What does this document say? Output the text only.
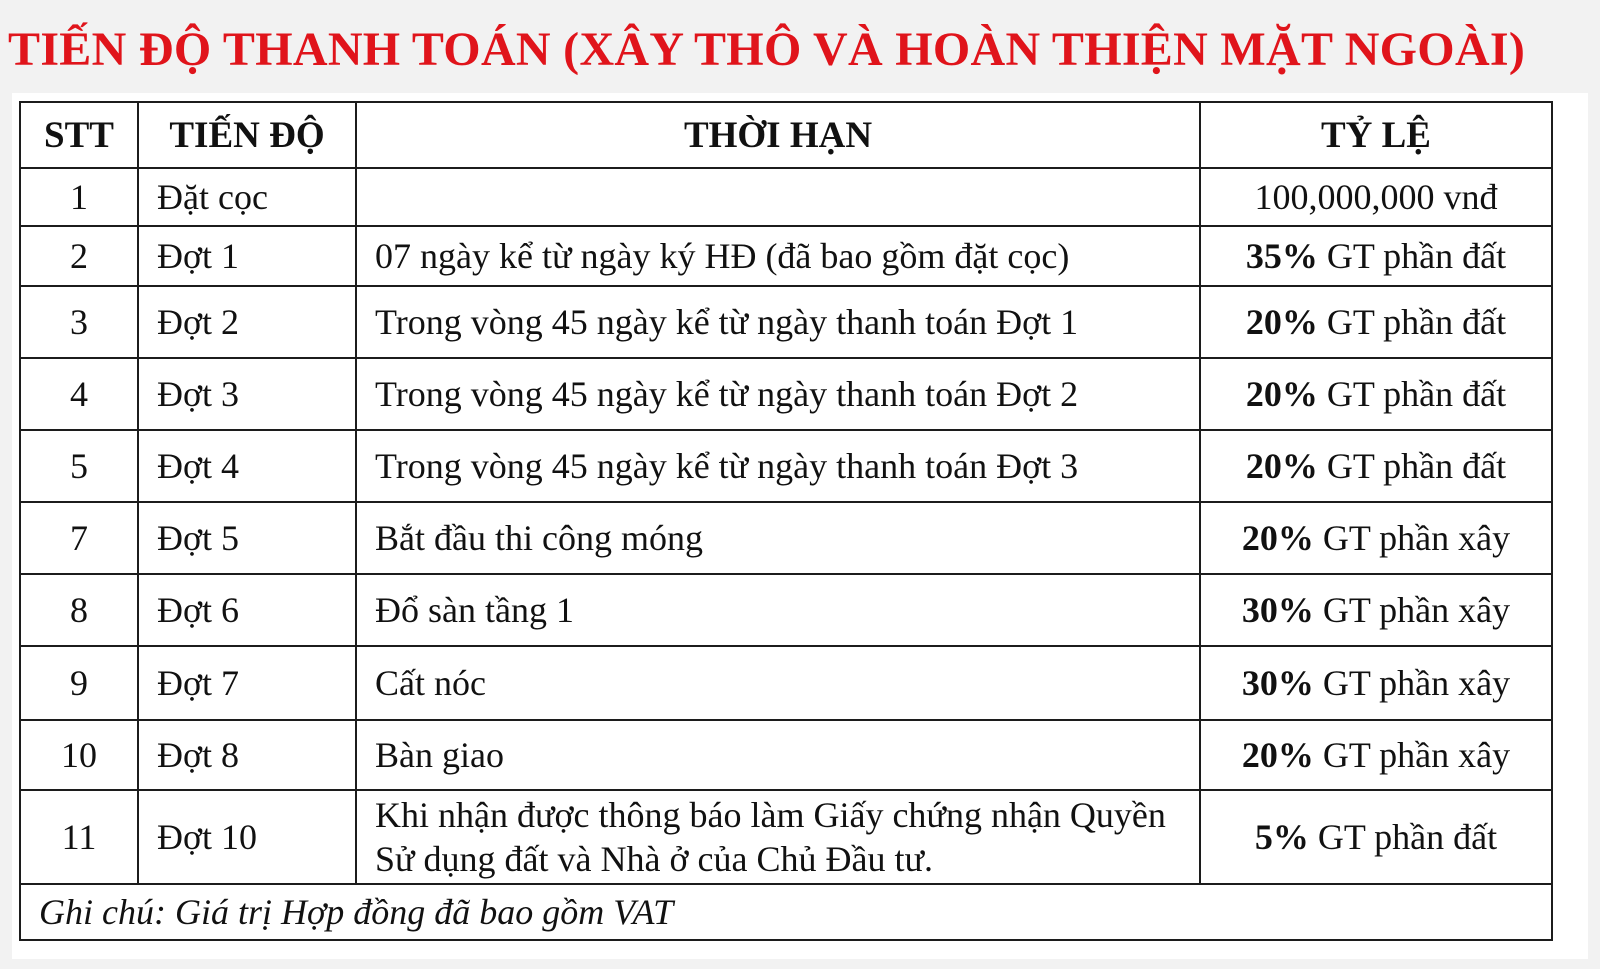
TIẾN ĐỘ THANH TOÁN (XÂY THÔ VÀ HOÀN THIỆN MẶT NGOÀI)
STT	TIẾN ĐỘ	THỜI HẠN	TỶ LỆ
1	Đặt cọc		100,000,000 vnđ
2	Đợt 1	07 ngày kể từ ngày ký HĐ (đã bao gồm đặt cọc)	35% GT phần đất
3	Đợt 2	Trong vòng 45 ngày kể từ ngày thanh toán Đợt 1	20% GT phần đất
4	Đợt 3	Trong vòng 45 ngày kể từ ngày thanh toán Đợt 2	20% GT phần đất
5	Đợt 4	Trong vòng 45 ngày kể từ ngày thanh toán Đợt 3	20% GT phần đất
7	Đợt 5	Bắt đầu thi công móng	20% GT phần xây
8	Đợt 6	Đổ sàn tầng 1	30% GT phần xây
9	Đợt 7	Cất nóc	30% GT phần xây
10	Đợt 8	Bàn giao	20% GT phần xây
11	Đợt 10	Khi nhận được thông báo làm Giấy chứng nhận Quyền Sử dụng đất và Nhà ở của Chủ Đầu tư.	5% GT phần đất
Ghi chú: Giá trị Hợp đồng đã bao gồm VAT			
